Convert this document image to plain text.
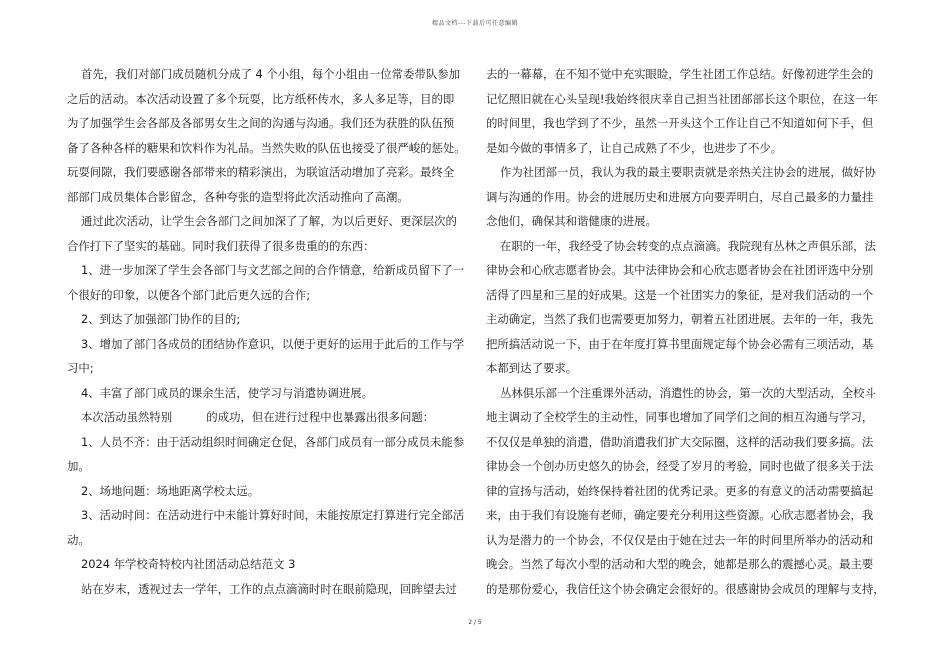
精品文档---下载后可任意编辑
首先，我们对部门成员随机分成了 4 个小组，每个小组由一位常委带队参加
之后的活动。本次活动设置了多个玩耍，比方纸杯传水，多人多足等，目的即
为了加强学生会各部及各部男女生之间的沟通与沟通。我们还为获胜的队伍预
备了各种各样的糖果和饮料作为礼品。当然失败的队伍也接受了很严峻的惩处。
玩耍间隙，我们要感谢各部带来的精彩演出，为联谊活动增加了亮彩。最终全
部部门成员集体合影留念，各种夸张的造型将此次活动推向了高潮。
通过此次活动，让学生会各部门之间加深了了解，为以后更好、更深层次的
合作打下了坚实的基础。同时我们获得了很多贵重的的东西：
1、进一步加深了学生会各部门与文艺部之间的合作情意，给新成员留下了一
个很好的印象，以便各个部门此后更久远的合作;
2、到达了加强部门协作的目的;
3、增加了部门各成员的团结协作意识，以便于更好的运用于此后的工作与学
习中;
4、丰富了部门成员的课余生活，使学习与消遣协调进展。
本次活动虽然特别　　　的成功，但在进行过程中也暴露出很多问题：
1、人员不齐：由于活动组织时间确定仓促，各部门成员有一部分成员未能参
加。
2、场地问题：场地距离学校太远。
3、活动时间：在活动进行中未能计算好时间，未能按原定打算进行完全部活
动。
2024 年学校奇特校内社团活动总结范文 3
站在岁末，透视过去一学年，工作的点点滴滴时时在眼前隐现，回眸望去过
去的一幕幕，在不知不觉中充实眼睑，学生社团工作总结。好像初进学生会的
记忆照旧就在心头呈现!我始终很庆幸自己担当社团部部长这个职位，在这一年
的时间里，我也学到了不少，虽然一开头这个工作让自己不知道如何下手，但
是如今做的事情多了，让自己成熟了不少，也进步了不少。
作为社团部一员，我认为我的最主要职责就是亲热关注协会的进展，做好协
调与沟通的作用。协会的进展历史和进展方向要弄明白，尽自己最多的力量挂
念他们，确保其和谐健康的进展。
在职的一年，我经受了协会转变的点点滴滴。我院现有丛林之声俱乐部，法
律协会和心欣志愿者协会。其中法律协会和心欣志愿者协会在社团评选中分别
活得了四星和三星的好成果。这是一个社团实力的象征，是对我们活动的一个
主动确定，当然了我们也需要更加努力，朝着五社团进展。去年的一年，我先
把所搞活动说一下，由于在年度打算书里面规定每个协会必需有三项活动，基
本都到达了要求。
丛林俱乐部一个注重课外活动，消遣性的协会，第一次的大型活动，全校斗
地主调动了全校学生的主动性，同事也增加了同学们之间的相互沟通与学习，
不仅仅是单独的消遣，借助消遣我们扩大交际圈，这样的活动我们要多搞。法
律协会一个创办历史悠久的协会，经受了岁月的考验，同时也做了很多关于法
律的宣扬与活动，始终保持着社团的优秀记录。更多的有意义的活动需要搞起
来，由于我们有设施有老师，确定要充分利用这些资源。心欣志愿者协会，我
认为是潜力的一个协会，不仅仅是由于她在过去一年的时间里所举办的活动和
晚会。当然了每次小型的活动和大型的晚会，她都是那么的震撼心灵。最主要
的是那份爱心，我信任这个协会确定会很好的。很感谢协会成员的理解与支持，
2 / 5
